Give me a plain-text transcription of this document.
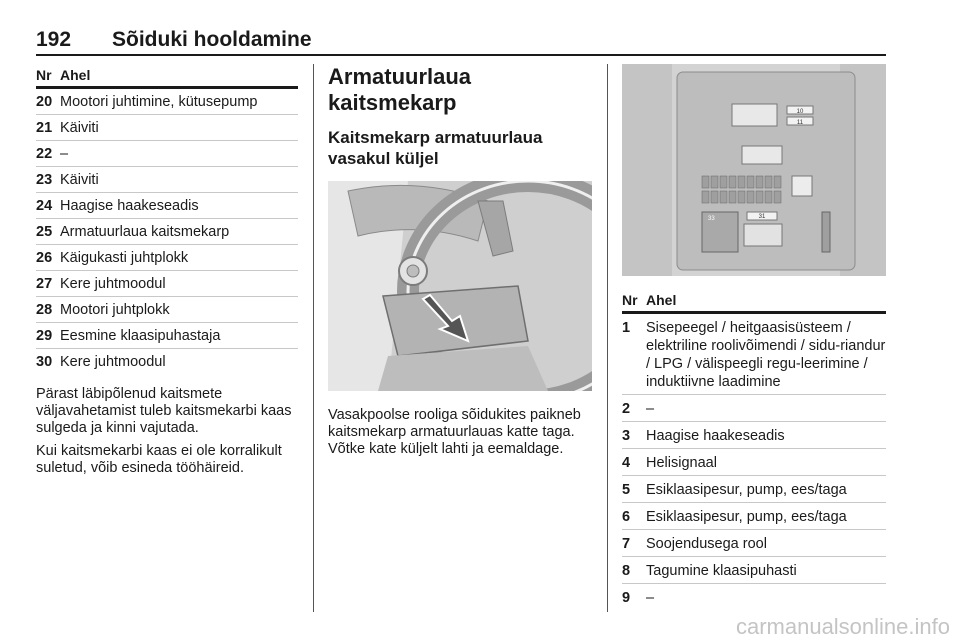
192 Sõiduki hooldamine
Nr Ahel
20 Mootori juhtimine, kütusepump
21 Käiviti
22 –
23 Käiviti
24 Haagise haakeseadis
25 Armatuurlaua kaitsmekarp
26 Käigukasti juhtplokk
27 Kere juhtmoodul
28 Mootori juhtplokk
29 Eesmine klaasipuhastaja
30 Kere juhtmoodul

Pärast läbipõlenud kaitsmete väljavahetamist tuleb kaitsmekarbi kaas sulgeda ja kinni vajutada.

Kui kaitsmekarbi kaas ei ole korralikult suletud, võib esineda tööhäireid.

Armatuurlaua kaitsmekarp
Kaitsmekarp armatuurlaua vasakul küljel

Vasakpoolse rooliga sõidukites paikneb kaitsmekarp armatuurlauas katte taga. Võtke kate küljelt lahti ja eemaldage.

10
11
33	31
Nr Ahel
1	Sisepeegel / heitgaasisüsteem / elektriline roolivõimendi / sidu-riandur / LPG / välispeegli regu-leerimine / induktiivne laadimine
2	–
3	Haagise haakeseadis
4	Helisignaal
5	Esiklaasipesur, pump, ees/taga
6	Esiklaasipesur, pump, ees/taga
7	Soojendusega rool
8	Tagumine klaasipuhasti
9	–
carmanualsonline.info
